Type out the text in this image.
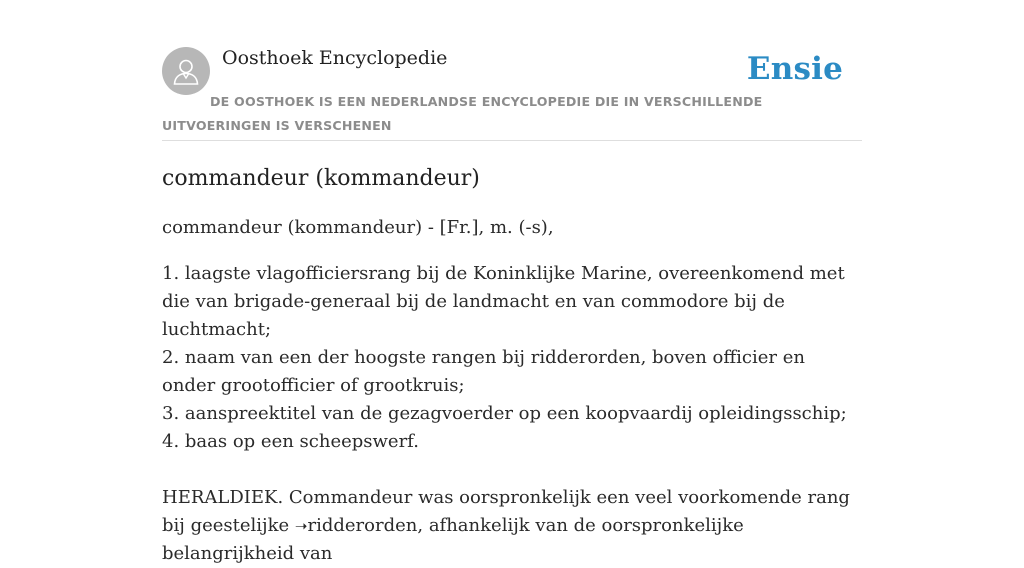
Oosthoek Encyclopedie	Ensie
DE OOSTHOEK IS EEN NEDERLANDSE ENCYCLOPEDIE DIE IN VERSCHILLENDE UITVOERINGEN IS VERSCHENEN
commandeur (kommandeur)

commandeur (kommandeur) - [Fr.], m. (-s),

1. laagste vlagofficiersrang bij de Koninklijke Marine, overeenkomend met die van brigade-generaal bij de landmacht en van commodore bij de luchtmacht;

2. naam van een der hoogste rangen bij ridderorden, boven officier en onder grootofficier of grootkruis;

3. aanspreektitel van de gezagvoerder op een koopvaardij opleidingsschip; 4. baas op een scheepswerf.

HERALDIEK. Commandeur was oorspronkelijk een veel voorkomende rang bij geestelijke ➝ridderorden, afhankelijk van de oorspronkelijke belangrijkheid van
